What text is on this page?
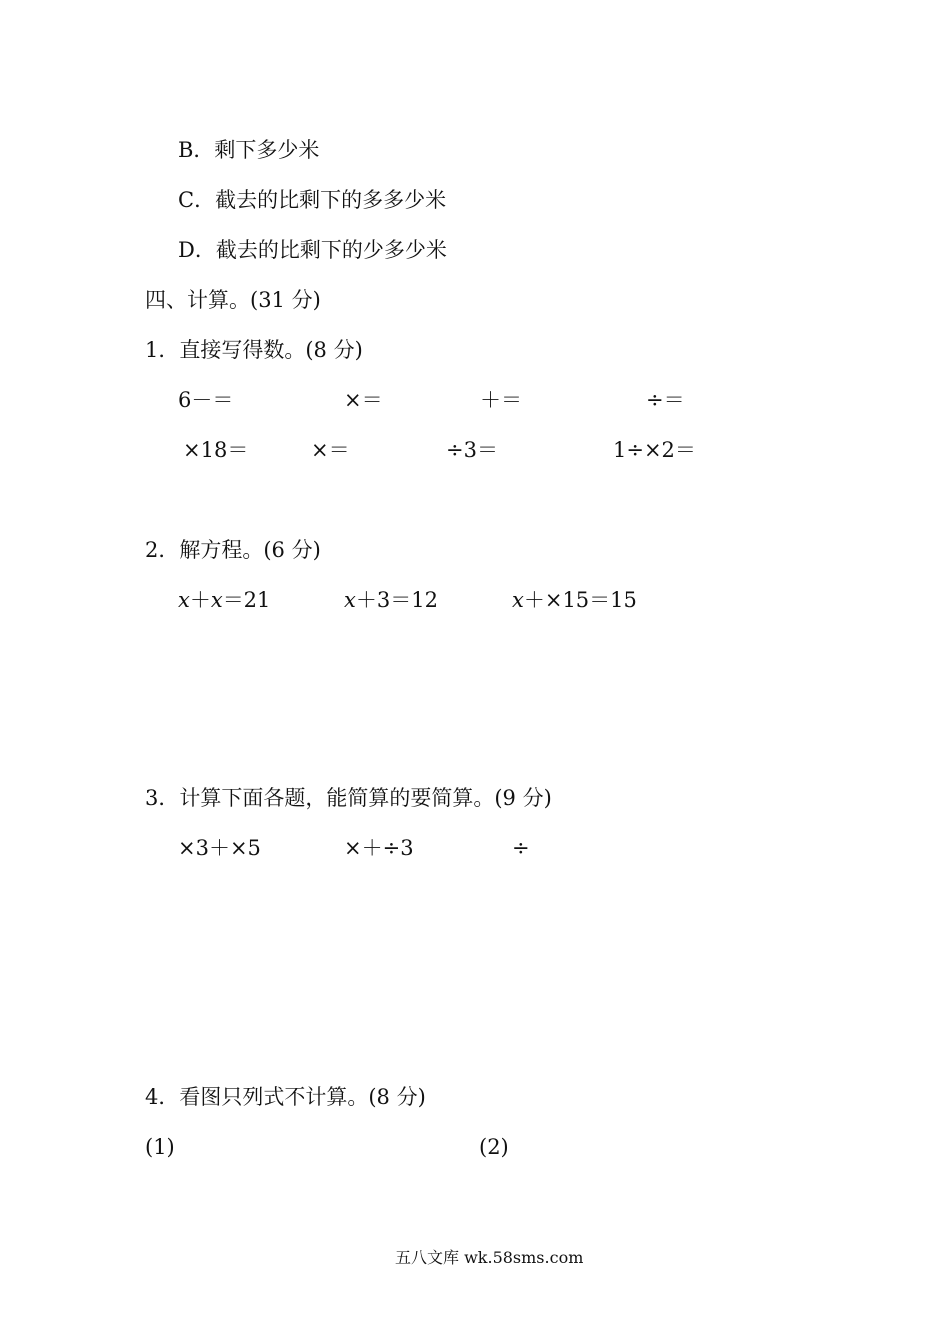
B．剩下多少米
C．截去的比剩下的多多少米
D．截去的比剩下的少多少米
四、计算。(31 分)
1．直接写得数。(8 分)
6－＝	×＝	＋＝	÷＝
×18＝	×＝	÷3＝	1÷×2＝
2．解方程。(6 分)
x＋x＝21	x＋3＝12	x＋×15＝15
3．计算下面各题，能简算的要简算。(9 分)
×3＋×5	×＋÷3	÷
4．看图只列式不计算。(8 分)
(1)	(2)
五八文库 wk.58sms.com
